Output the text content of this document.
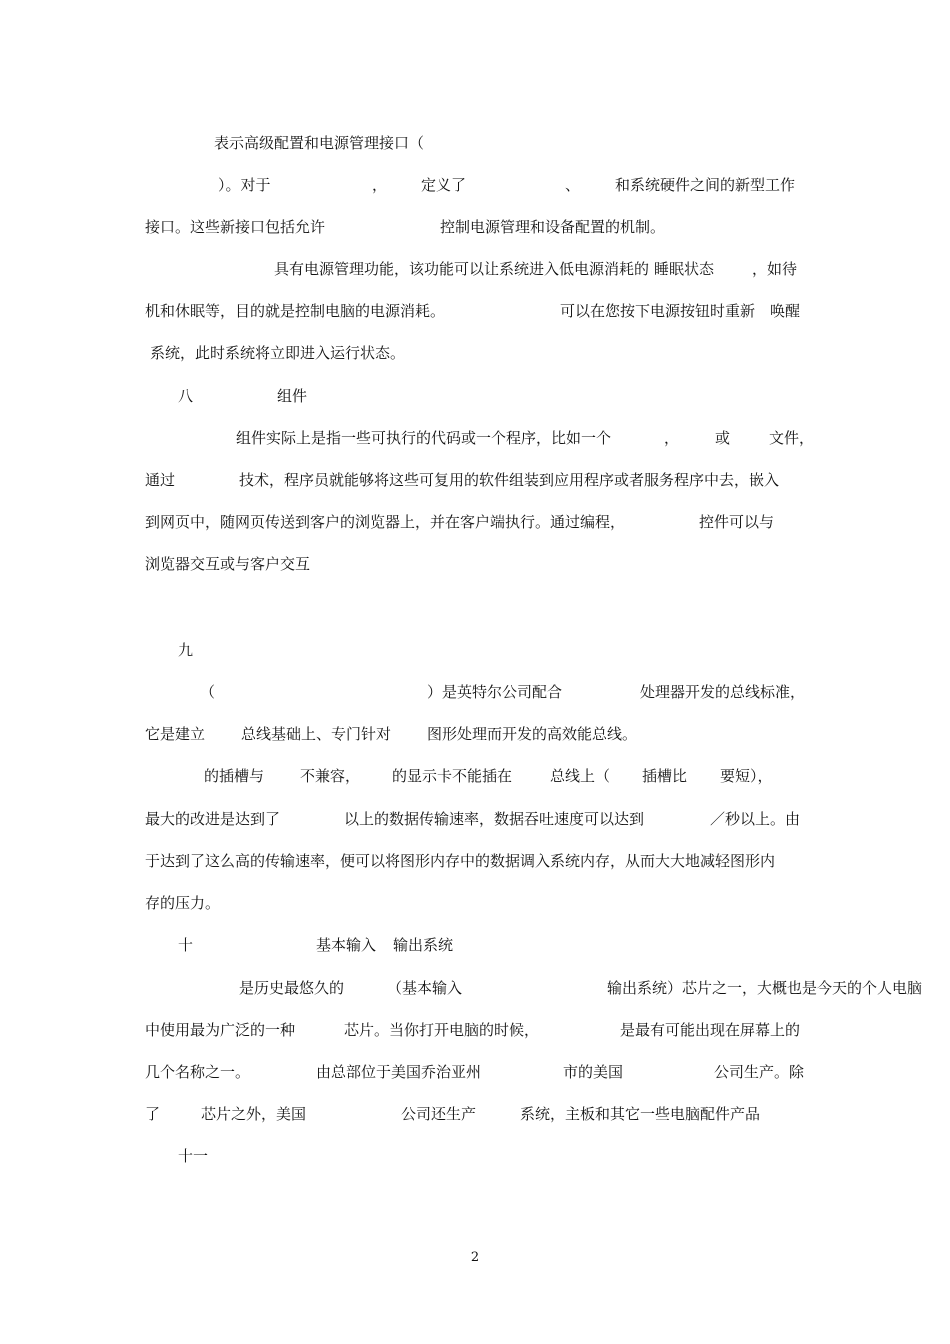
表示高级配置和电源管理接口（
）。对于	， 定义了	、 和系统硬件之间的新型工作
接口。这些新接口包括允许	控制电源管理和设备配置的机制。
具有电源管理功能，该功能可以让系统进入低电源消耗的 睡眠状态	，如待
机和休眠等，目的就是控制电脑的电源消耗。	可以在您按下电源按钮时重新 唤醒
系统，此时系统将立即进入运行状态。
八	组件
组件实际上是指一些可执行的代码或一个程序，比如一个	， 或	文件，
通过	技术，程序员就能够将这些可复用的软件组装到应用程序或者服务程序中去，嵌入
到网页中，随网页传送到客户的浏览器上，并在客户端执行。通过编程，	控件可以与
浏览器交互或与客户交互
九
（	）是英特尔公司配合	处理器开发的总线标准，
它是建立 总线基础上、专门针对 图形处理而开发的高效能总线。
的插槽与 不兼容， 的显示卡不能插在	总线上（ 插槽比 要短），
最大的改进是达到了	以上的数据传输速率，数据吞吐速度可以达到	／秒以上。由
于达到了这么高的传输速率，便可以将图形内存中的数据调入系统内存，从而大大地减轻图形内
存的压力。
十	基本输入 输出系统
是历史最悠久的	（基本输入	输出系统）芯片之一，大概也是今天的个人电脑
中使用最为广泛的一种	芯片。当你打开电脑的时候，	是最有可能出现在屏幕上的
几个名称之一。	由总部位于美国乔治亚州	市的美国	公司生产。除
了	芯片之外，美国	公司还生产	系统，主板和其它一些电脑配件产品
十一
2
